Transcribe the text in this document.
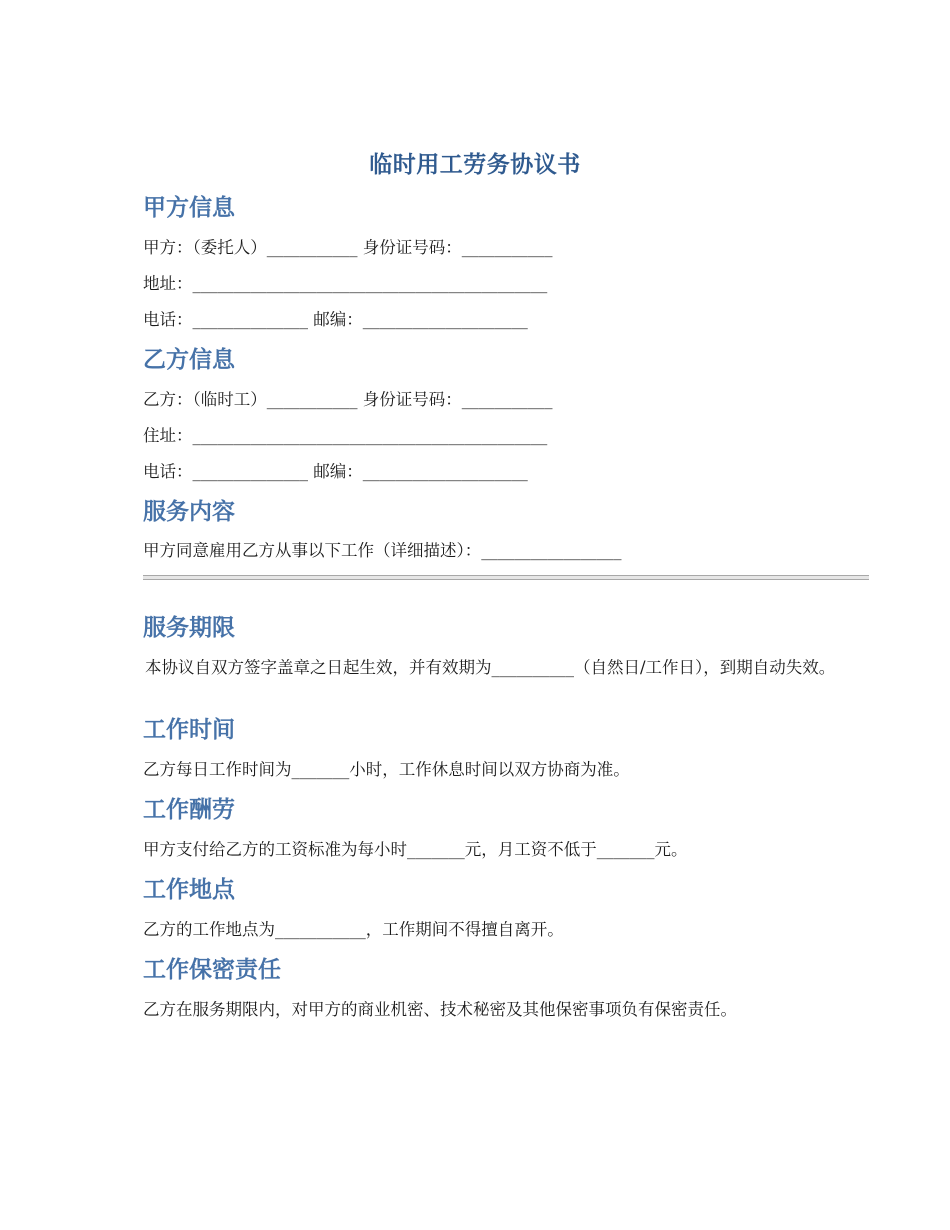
临时用工劳务协议书
甲方信息
甲方：（委托人）___________ 身份证号码：___________
地址：___________________________________________
电话：______________ 邮编：____________________
乙方信息
乙方：（临时工）___________ 身份证号码：___________
住址：___________________________________________
电话：______________ 邮编：____________________
服务内容
甲方同意雇用乙方从事以下工作（详细描述）：_________________
服务期限
本协议自双方签字盖章之日起生效，并有效期为__________（自然日/工作日），到期自动失效。
工作时间
乙方每日工作时间为_______小时，工作休息时间以双方协商为准。
工作酬劳
甲方支付给乙方的工资标准为每小时_______元，月工资不低于_______元。
工作地点
乙方的工作地点为___________，工作期间不得擅自离开。
工作保密责任
乙方在服务期限内，对甲方的商业机密、技术秘密及其他保密事项负有保密责任。
